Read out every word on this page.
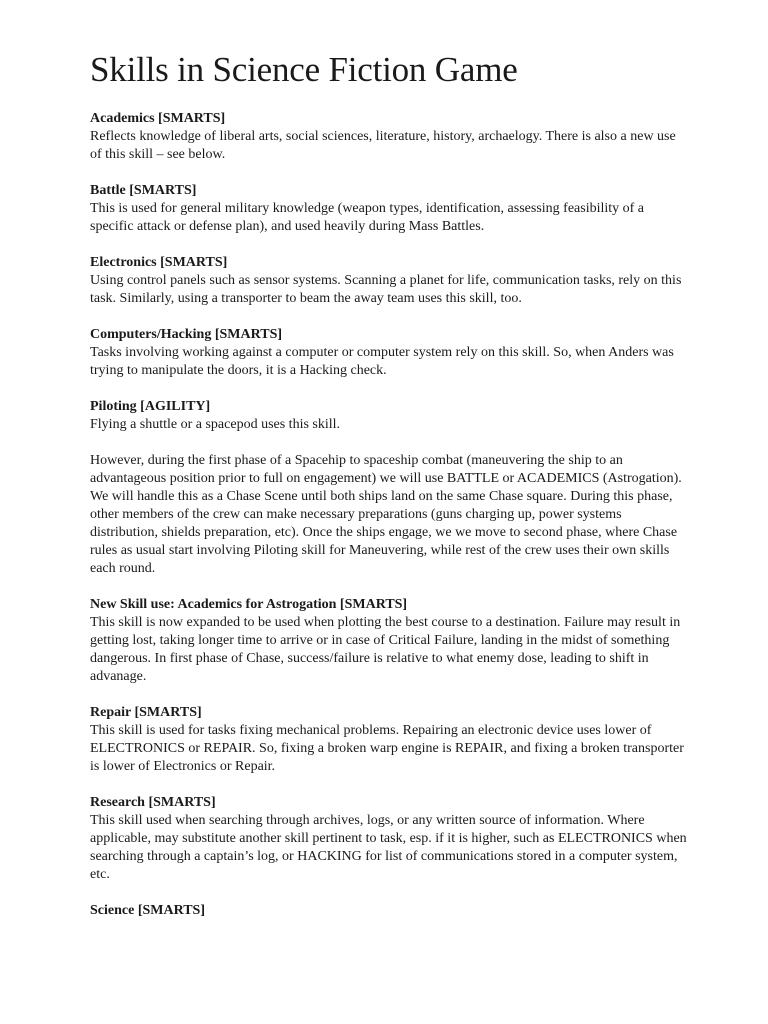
Skills in Science Fiction Game

Academics [SMARTS]

Reflects knowledge of liberal arts, social sciences, literature, history, archaelogy. There is also a new use of this skill – see below.

Battle [SMARTS]

This is used for general military knowledge (weapon types, identification, assessing feasibility of a specific attack or defense plan), and used heavily during Mass Battles.

Electronics [SMARTS]

Using control panels such as sensor systems. Scanning a planet for life, communication tasks, rely on this task. Similarly, using a transporter to beam the away team uses this skill, too.

Computers/Hacking [SMARTS]

Tasks involving working against a computer or computer system rely on this skill. So, when Anders was trying to manipulate the doors, it is a Hacking check.

Piloting [AGILITY]

Flying a shuttle or a spacepod uses this skill.

However, during the first phase of a Spacehip to spaceship combat (maneuvering the ship to an advantageous position prior to full on engagement) we will use BATTLE or ACADEMICS (Astrogation). We will handle this as a Chase Scene until both ships land on the same Chase square. During this phase, other members of the crew can make necessary preparations (guns charging up, power systems distribution, shields preparation, etc). Once the ships engage, we we move to second phase, where Chase rules as usual start involving Piloting skill for Maneuvering, while rest of the crew uses their own skills each round.

New Skill use: Academics for Astrogation [SMARTS]

This skill is now expanded to be used when plotting the best course to a destination. Failure may result in getting lost, taking longer time to arrive or in case of Critical Failure, landing in the midst of something dangerous. In first phase of Chase, success/failure is relative to what enemy dose, leading to shift in advanage.

Repair [SMARTS]

This skill is used for tasks fixing mechanical problems. Repairing an electronic device uses lower of ELECTRONICS or REPAIR. So, fixing a broken warp engine is REPAIR, and fixing a broken transporter is lower of Electronics or Repair.

Research [SMARTS]

This skill used when searching through archives, logs, or any written source of information. Where applicable, may substitute another skill pertinent to task, esp. if it is higher, such as ELECTRONICS when searching through a captain’s log, or HACKING for list of communications stored in a computer system, etc.

Science [SMARTS]
